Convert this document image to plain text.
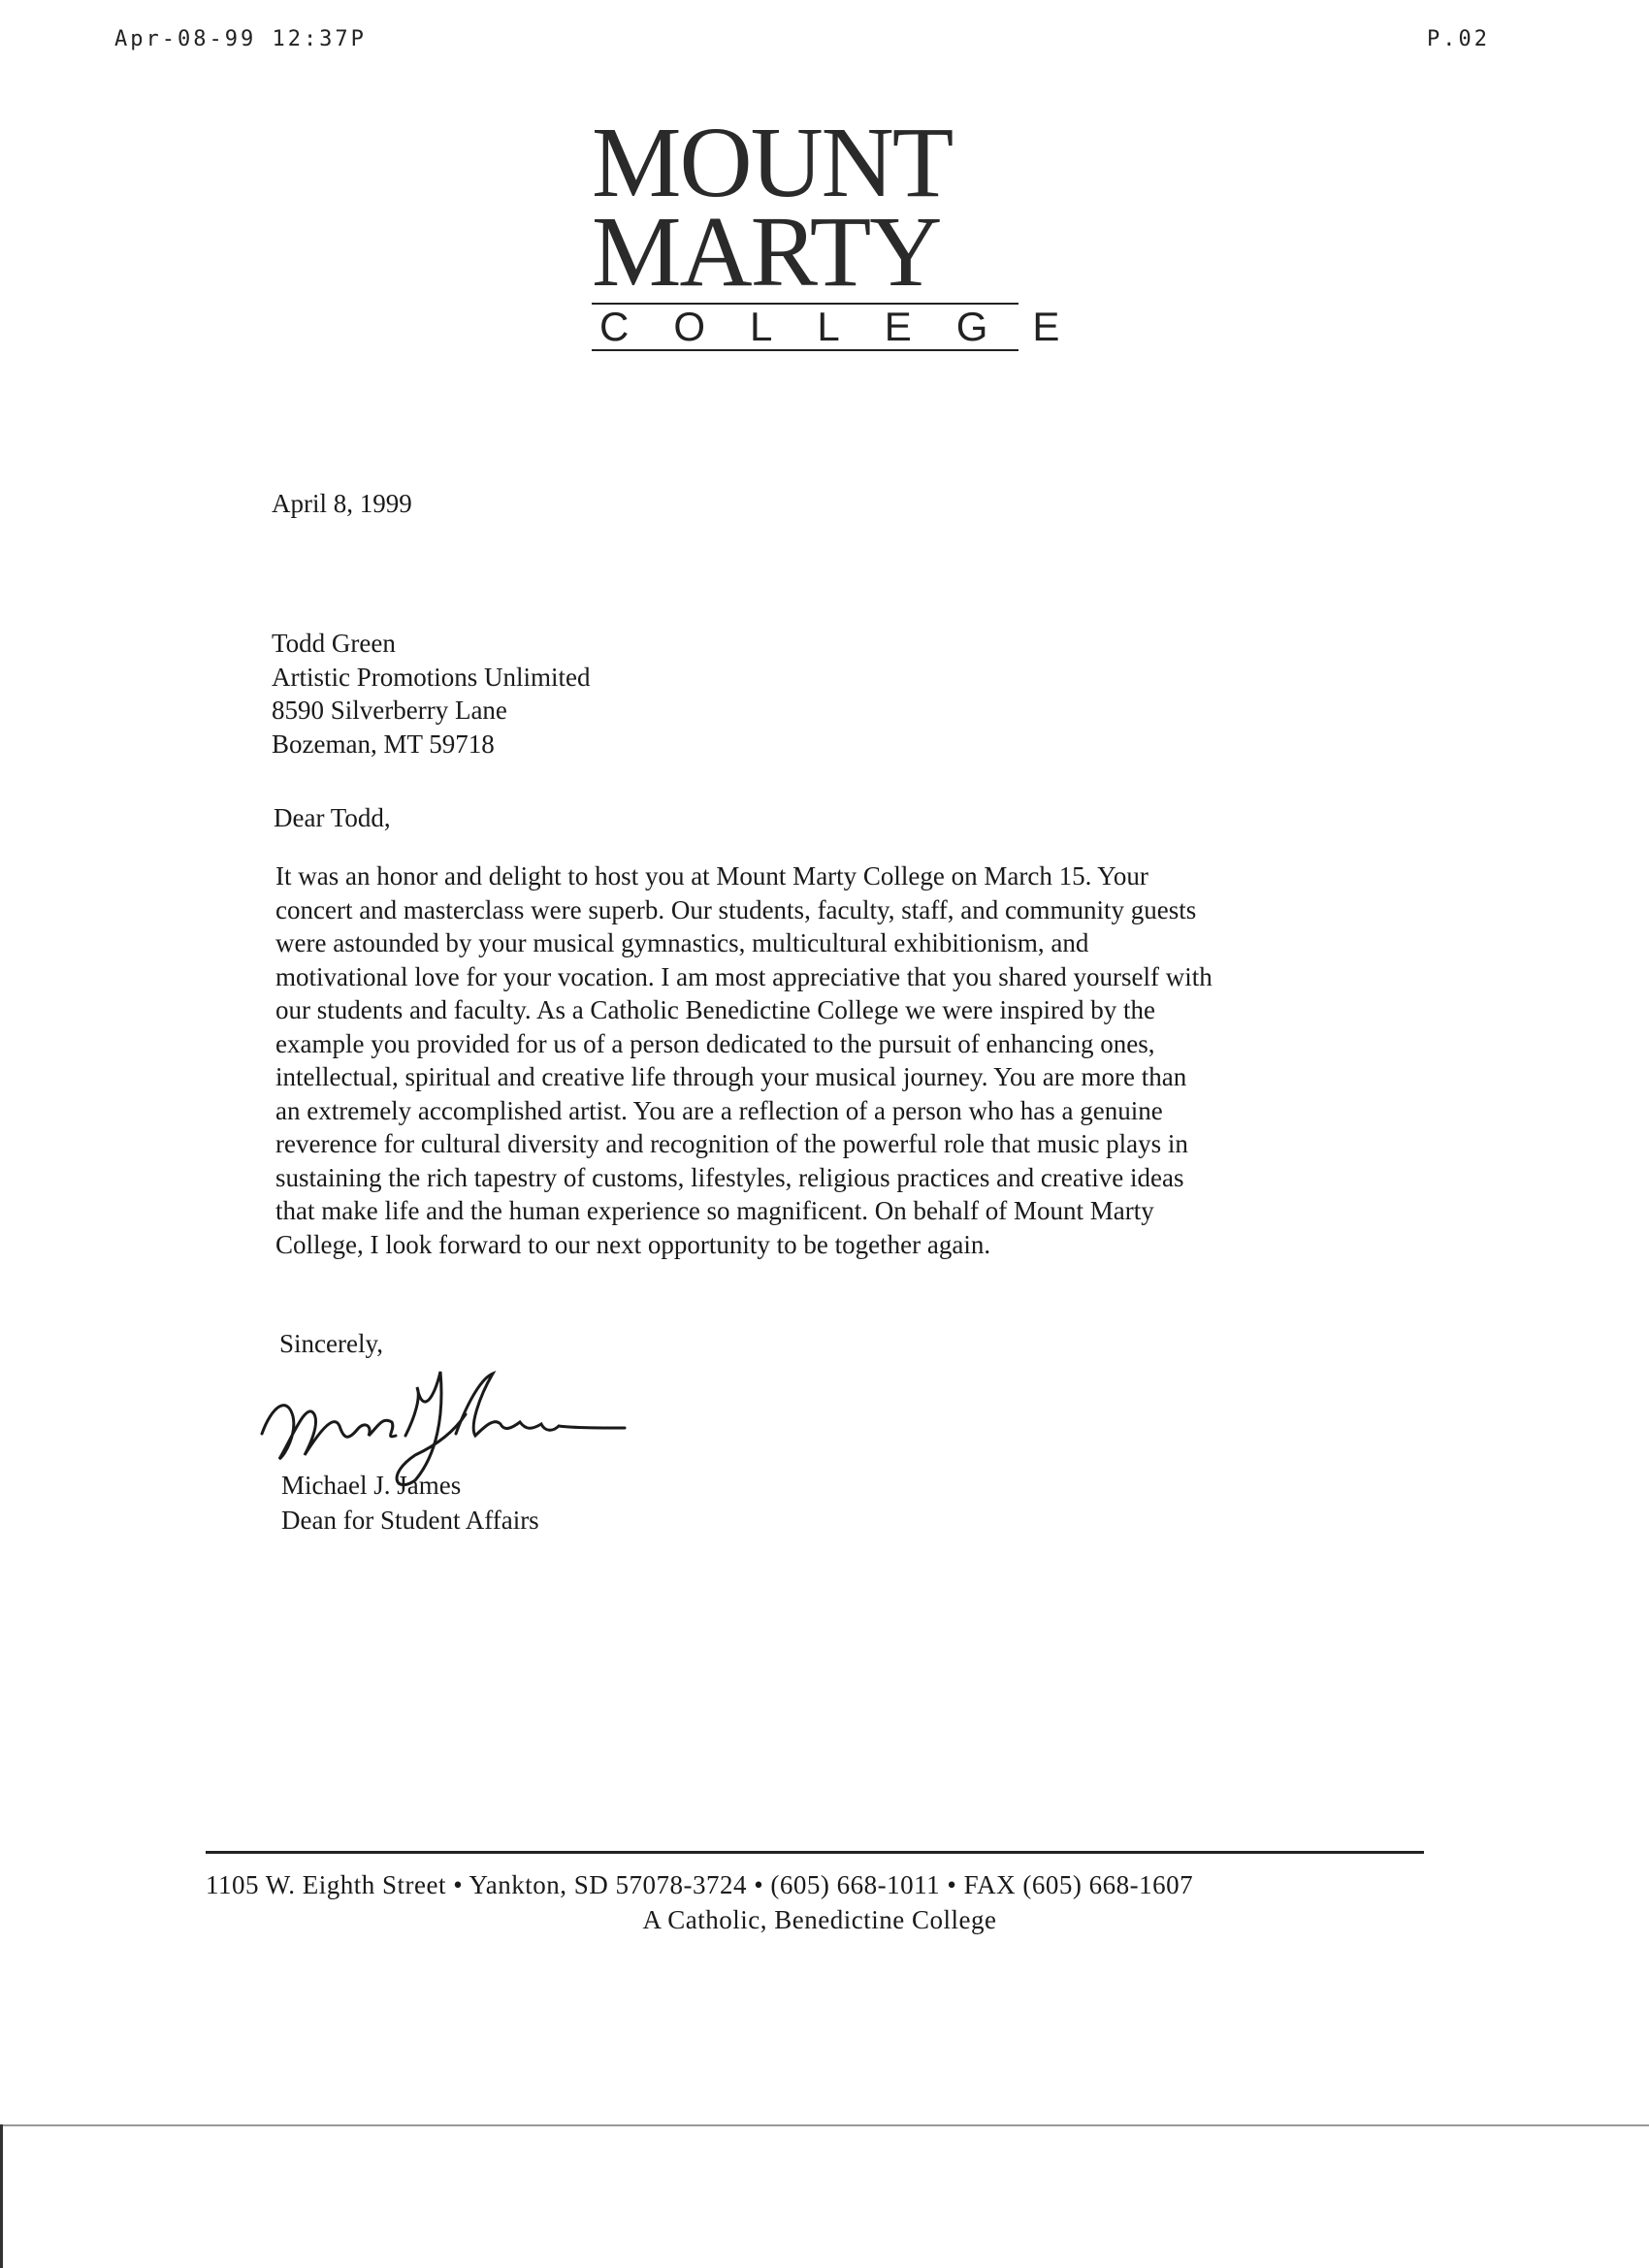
Apr-08-99 12:37P	P.02
MOUNT
MARTY
COLLEGE
April 8, 1999
Todd Green
Artistic Promotions Unlimited
8590 Silverberry Lane
Bozeman, MT 59718
Dear Todd,
It was an honor and delight to host you at Mount Marty College on March 15. Your
concert and masterclass were superb. Our students, faculty, staff, and community guests
were astounded by your musical gymnastics, multicultural exhibitionism, and
motivational love for your vocation. I am most appreciative that you shared yourself with
our students and faculty. As a Catholic Benedictine College we were inspired by the
example you provided for us of a person dedicated to the pursuit of enhancing ones,
intellectual, spiritual and creative life through your musical journey. You are more than
an extremely accomplished artist. You are a reflection of a person who has a genuine
reverence for cultural diversity and recognition of the powerful role that music plays in
sustaining the rich tapestry of customs, lifestyles, religious practices and creative ideas
that make life and the human experience so magnificent. On behalf of Mount Marty
College, I look forward to our next opportunity to be together again.
Sincerely,
Michael J. James
Dean for Student Affairs
1105 W. Eighth Street • Yankton, SD 57078-3724 • (605) 668-1011 • FAX (605) 668-1607
A Catholic, Benedictine College
